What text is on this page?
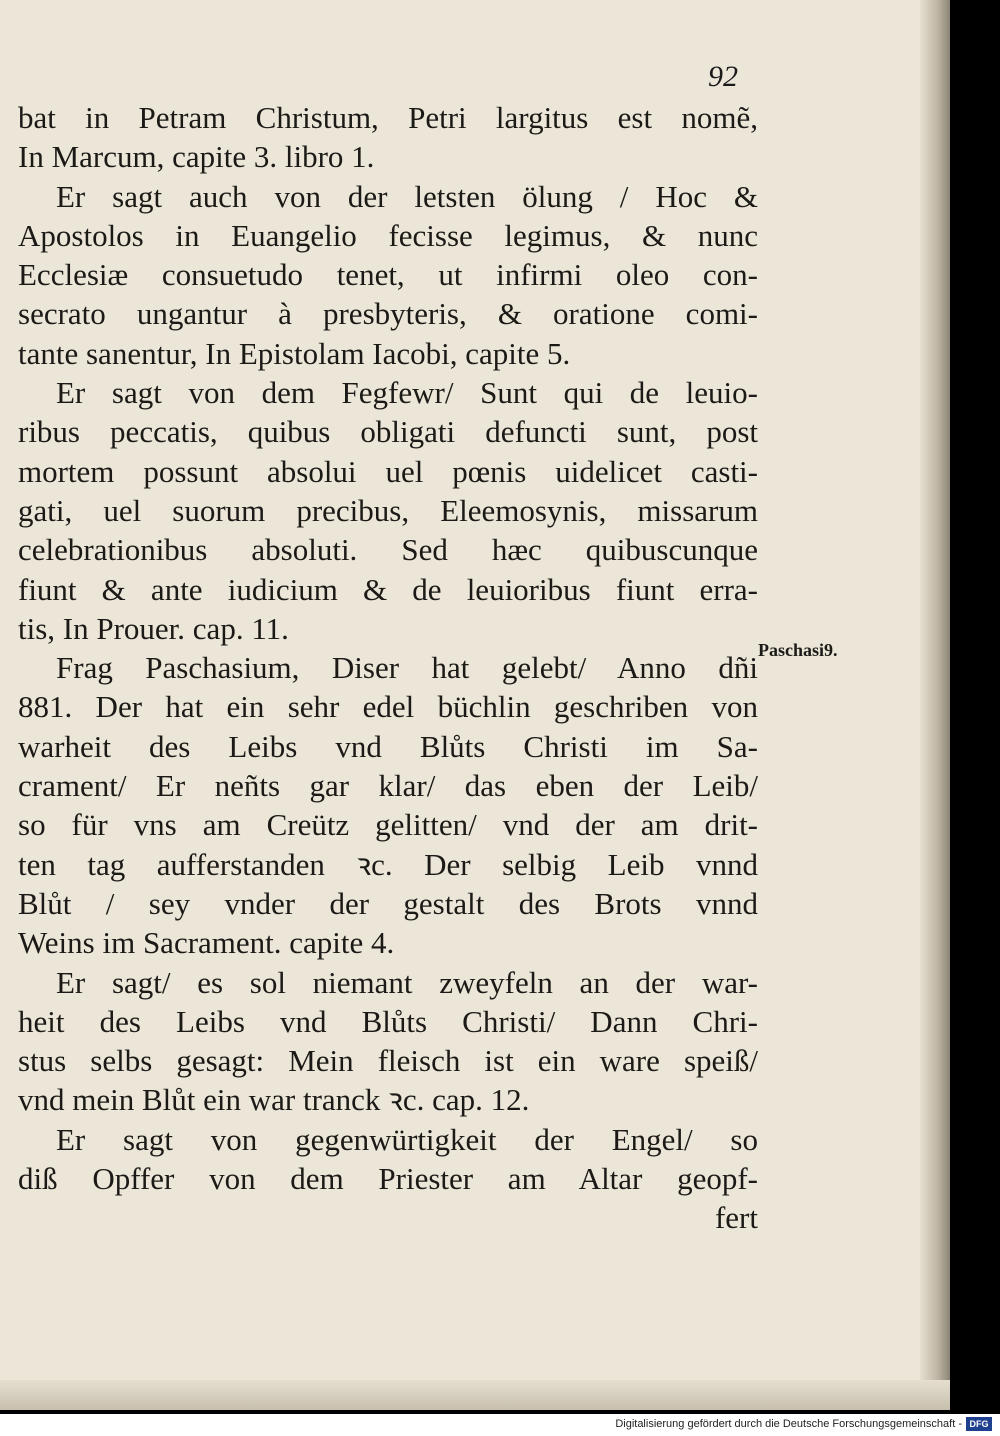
92
bat in Petram Christum, Petri largitus est nomẽ,
In Marcum, capite 3. libro 1.
Er sagt auch von der letsten ölung / Hoc &
Apostolos in Euangelio fecisse legimus, & nunc
Ecclesiæ consuetudo tenet, ut infirmi oleo con-
secrato ungantur à presbyteris, & oratione comi-
tante sanentur, In Epistolam Iacobi, capite 5.
Er sagt von dem Fegfewr/ Sunt qui de leuio-
ribus peccatis, quibus obligati defuncti sunt, post
mortem possunt absolui uel pœnis uidelicet casti-
gati, uel suorum precibus, Eleemosynis, missarum
celebrationibus absoluti. Sed hæc quibuscunque
fiunt & ante iudicium & de leuioribus fiunt erra-
tis, In Prouer. cap. 11.
Frag Paschasium, Diser hat gelebt/ Anno dñi
881. Der hat ein sehr edel büchlin geschriben von
warheit des Leibs vnd Blůts Christi im Sa-
crament/ Er neñts gar klar/ das eben der Leib/
so für vns am Creütz gelitten/ vnd der am drit-
ten tag aufferstanden ꝛc. Der selbig Leib vnnd
Blůt / sey vnder der gestalt des Brots vnnd
Weins im Sacrament. capite 4.
Er sagt/ es sol niemant zweyfeln an der war-
heit des Leibs vnd Blůts Christi/ Dann Chri-
stus selbs gesagt: Mein fleisch ist ein ware speiß/
vnd mein Blůt ein war tranck ꝛc. cap. 12.
Er sagt von gegenwürtigkeit der Engel/ so
diß Opffer von dem Priester am Altar geopf-
fert
Paschasi9.
Digitalisierung gefördert durch die Deutsche Forschungsgemeinschaft - DFG
